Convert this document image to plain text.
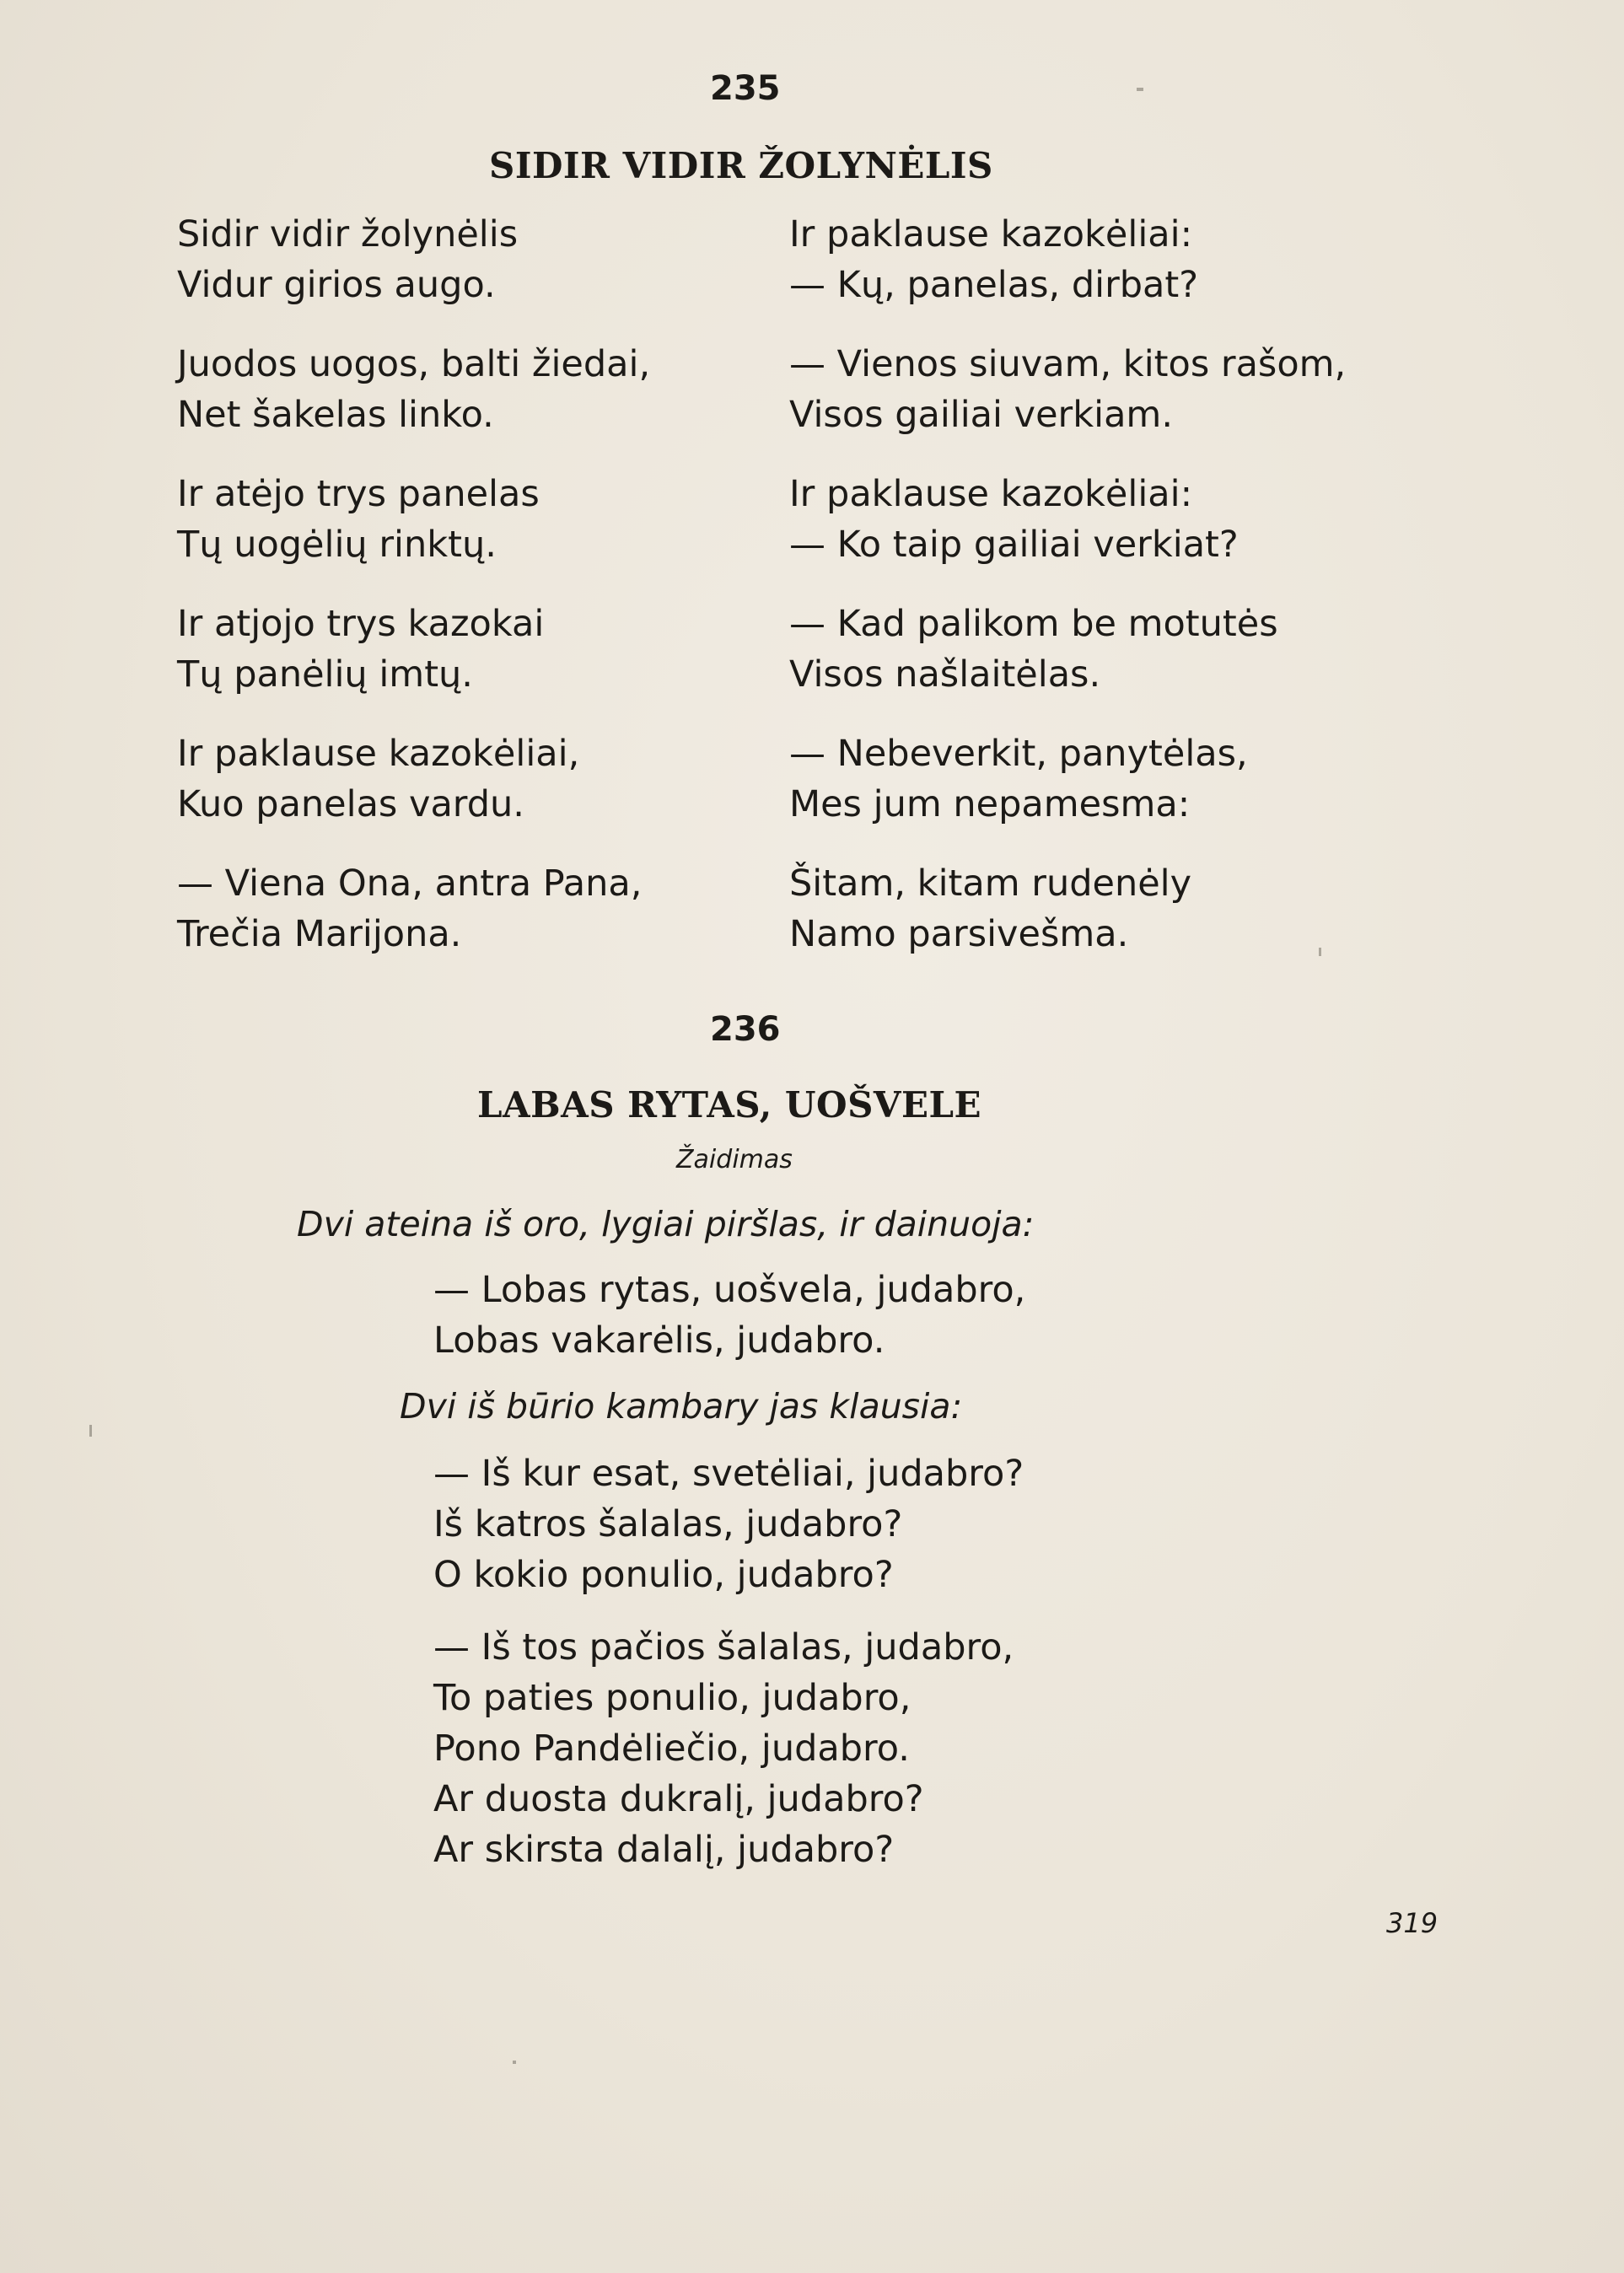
235
SIDIR VIDIR ŽOLYNĖLIS
Sidir vidir žolynėlis
Vidur girios augo.
Juodos uogos, balti žiedai,
Net šakelas linko.
Ir atėjo trys panelas
Tų uogėlių rinktų.
Ir atjojo trys kazokai
Tų panėlių imtų.
Ir paklause kazokėliai,
Kuo panelas vardu.
— Viena Ona, antra Pana,
Trečia Marijona.
Ir paklause kazokėliai:
— Kų, panelas, dirbat?
— Vienos siuvam, kitos rašom,
Visos gailiai verkiam.
Ir paklause kazokėliai:
— Ko taip gailiai verkiat?
— Kad palikom be motutės
Visos našlaitėlas.
— Nebeverkit, panytėlas,
Mes jum nepamesma:
Šitam, kitam rudenėly
Namo parsivešma.
236
LABAS RYTAS, UOŠVELE
Žaidimas
Dvi ateina iš oro, lygiai piršlas, ir dainuoja:
— Lobas rytas, uošvela, judabro,
Lobas vakarėlis, judabro.
Dvi iš būrio kambary jas klausia:
— Iš kur esat, svetėliai, judabro?
Iš katros šalalas, judabro?
O kokio ponulio, judabro?
— Iš tos pačios šalalas, judabro,
To paties ponulio, judabro,
Pono Pandėliečio, judabro.
Ar duosta dukralį, judabro?
Ar skirsta dalalį, judabro?
319
